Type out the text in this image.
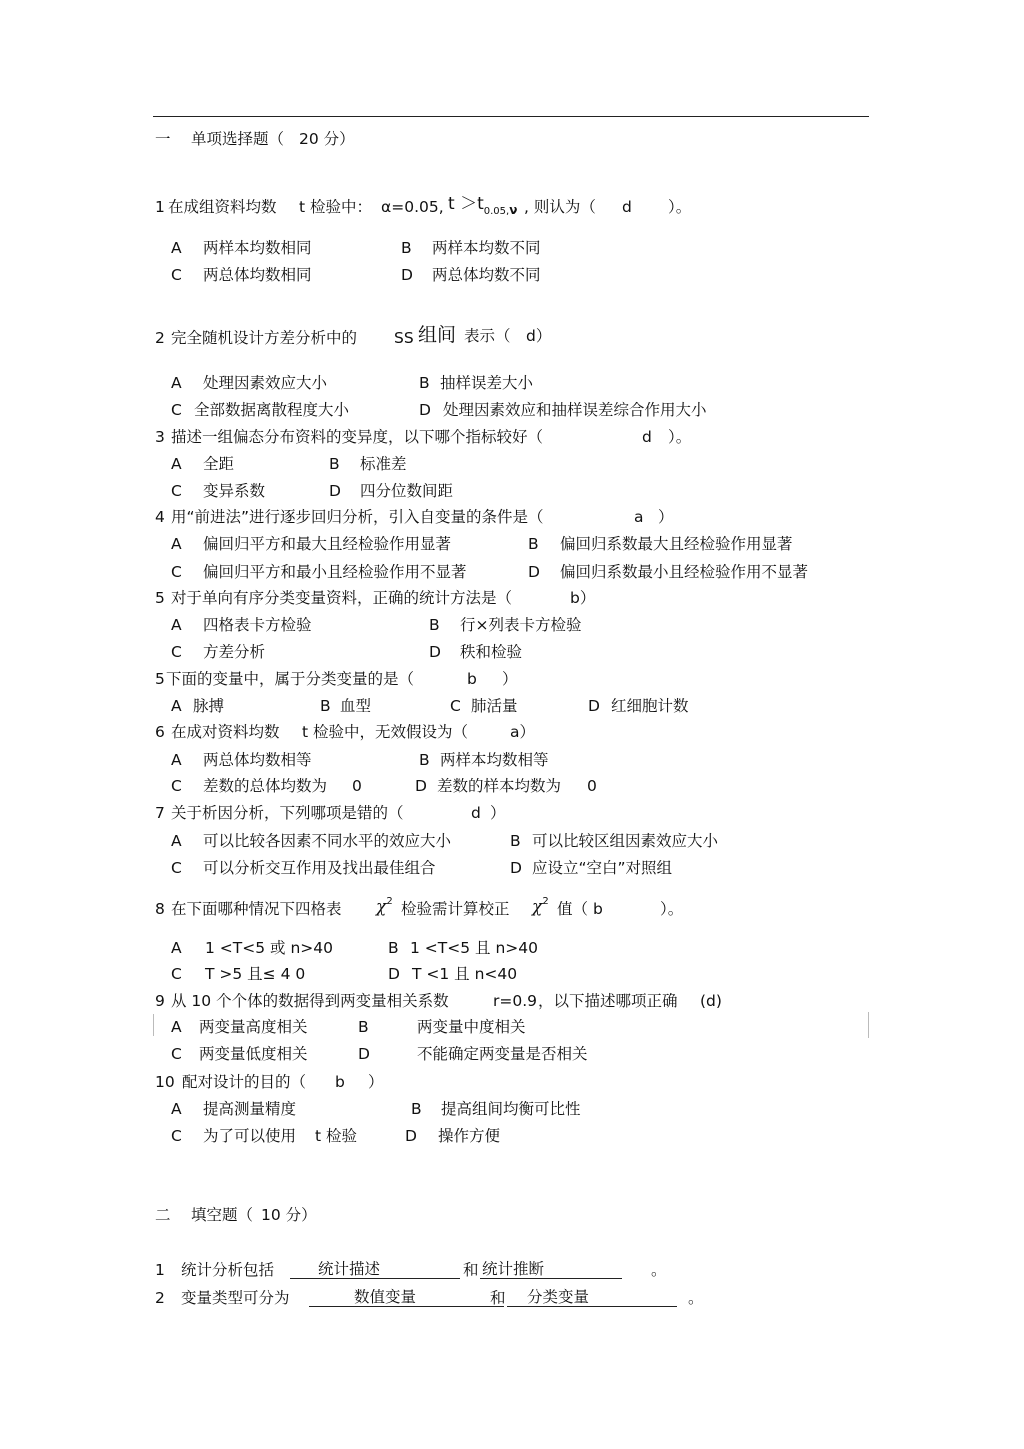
一 单项选择题（ 20 分）
1 在成组资料均数 t 检验中： α=0.05, $t >t_{0.05,\nu}$ , 则认为（ d ）。
A 两样本均数相同	B 两样本均数不同
C 两总体均数相同	D 两总体均数不同
2 完全随机设计方差分析中的 SS 组间 表示（ d）
A 处理因素效应大小	B 抽样误差大小
C 全部数据离散程度大小	D 处理因素效应和抽样误差综合作用大小
3 描述一组偏态分布资料的变异度，以下哪个指标较好（	d ）。
A 全距	B 标准差
C 变异系数	D 四分位数间距
4 用“前进法”进行逐步回归分析，引入自变量的条件是（	a ）
A 偏回归平方和最大且经检验作用显著	B 偏回归系数最大且经检验作用显著
C 偏回归平方和最小且经检验作用不显著	D 偏回归系数最小且经检验作用不显著
5 对于单向有序分类变量资料，正确的统计方法是（	b）
A 四格表卡方检验	B 行×列表卡方检验
C 方差分析	D 秩和检验
5 下面的变量中，属于分类变量的是（	b ）
A 脉搏	B 血型	C 肺活量	D 红细胞计数
6 在成对资料均数 t 检验中，无效假设为（	a）
A 两总体均数相等	B 两样本均数相等
C 差数的总体均数为 0	D 差数的样本均数为 0
7 关于析因分析，下列哪项是错的（	d ）
A 可以比较各因素不同水平的效应大小	B 可以比较区组因素效应大小
C 可以分析交互作用及找出最佳组合	D 应设立“空白”对照组
8 在下面哪种情况下四格表 $\chi^2$ 检验需计算校正 $\chi^2$ 值（ b	）。
A 1 <T<5 或 n>40	B 1 <T<5 且 n>40
C T >5 且≤ 4 0	D T <1 且 n<40
9 从 10 个个体的数据得到两变量相关系数	r=0.9 ，以下描述哪项正确 (d)
A 两变量高度相关	B	两变量中度相关
C 两变量低度相关	D	不能确定两变量是否相关
10 配对设计的目的（ b ）
A 提高测量精度	B 提高组间均衡可比性
C 为了可以使用 t 检验	D 操作方便
二 填空题（ 10 分）
1 统计分析包括	统计描述	和 统计推断	。
2 变量类型可分为	数值变量	和	分类变量	。
